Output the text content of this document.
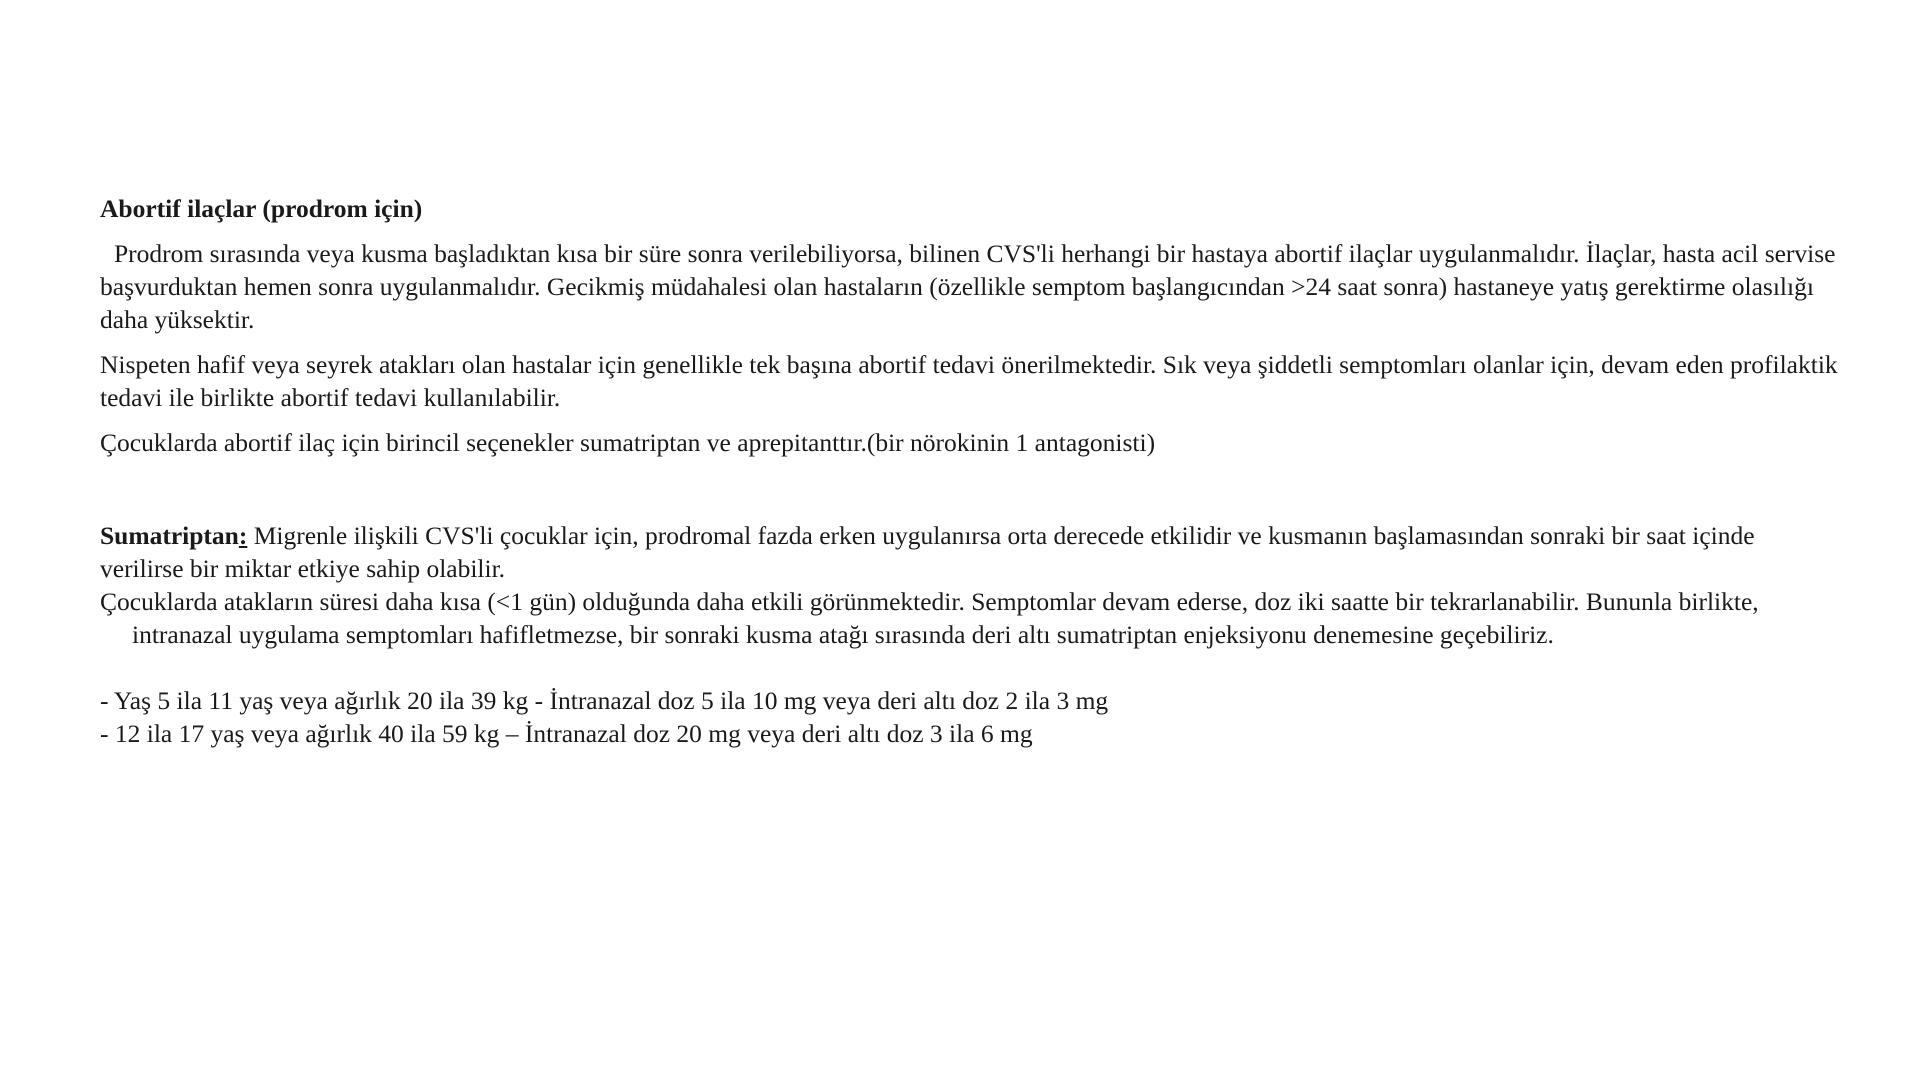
Abortif ilaçlar (prodrom için)

Prodrom sırasında veya kusma başladıktan kısa bir süre sonra verilebiliyorsa, bilinen CVS'li herhangi bir hastaya abortif ilaçlar uygulanmalıdır. İlaçlar, hasta acil servise başvurduktan hemen sonra uygulanmalıdır. Gecikmiş müdahalesi olan hastaların (özellikle semptom başlangıcından >24 saat sonra) hastaneye yatış gerektirme olasılığı daha yüksektir.

Nispeten hafif veya seyrek atakları olan hastalar için genellikle tek başına abortif tedavi önerilmektedir. Sık veya şiddetli semptomları olanlar için, devam eden profilaktik tedavi ile birlikte abortif tedavi kullanılabilir.

Çocuklarda abortif ilaç için birincil seçenekler sumatriptan ve aprepitanttır.(bir nörokinin 1 antagonisti)

Sumatriptan: Migrenle ilişkili CVS'li çocuklar için, prodromal fazda erken uygulanırsa orta derecede etkilidir ve kusmanın başlamasından sonraki bir saat içinde verilirse bir miktar etkiye sahip olabilir.

Çocuklarda atakların süresi daha kısa (<1 gün) olduğunda daha etkili görünmektedir. Semptomlar devam ederse, doz iki saatte bir tekrarlanabilir. Bununla birlikte, intranazal uygulama semptomları hafifletmezse, bir sonraki kusma atağı sırasında deri altı sumatriptan enjeksiyonu denemesine geçebiliriz.

- Yaş 5 ila 11 yaş veya ağırlık 20 ila 39 kg - İntranazal doz 5 ila 10 mg veya deri altı doz 2 ila 3 mg

- 12 ila 17 yaş veya ağırlık 40 ila 59 kg – İntranazal doz 20 mg veya deri altı doz 3 ila 6 mg
